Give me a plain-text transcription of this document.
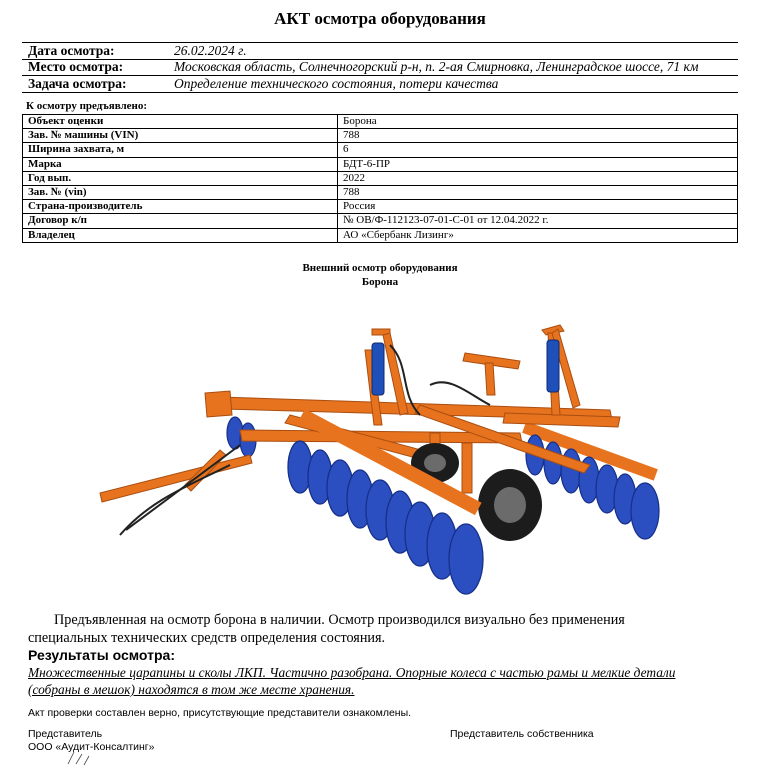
АКТ осмотра оборудования
Дата осмотра:	26.02.2024 г.
Место осмотра:	Московская область, Солнечногорский р-н, п. 2-ая Смирновка, Ленинградское шоссе, 71 км
Задача осмотра:	Определение технического состояния, потери качества
К осмотру предъявлено:
Объект оценки	Борона
Зав. № машины (VIN)	788
Ширина захвата, м	6
Марка	БДТ-6-ПР
Год вып.	2022
Зав. № (vin)	788
Страна-производитель	Россия
Договор к/п	№ ОВ/Ф-112123-07-01-С-01 от 12.04.2022 г.
Владелец	АО «Сбербанк Лизинг»
Внешний осмотр оборудования
Борона
Предъявленная на осмотр борона в наличии. Осмотр производился визуально без применения
специальных технических средств определения состояния.
Результаты осмотра:
Множественные царапины и сколы ЛКП. Частично разобрана. Опорные колеса с частью рамы и мелкие детали
(собраны в мешок) находятся в том же месте хранения.
Акт проверки составлен верно, присутствующие представители ознакомлены.
Представитель
ООО «Аудит-Консалтинг»
Представитель собственника
